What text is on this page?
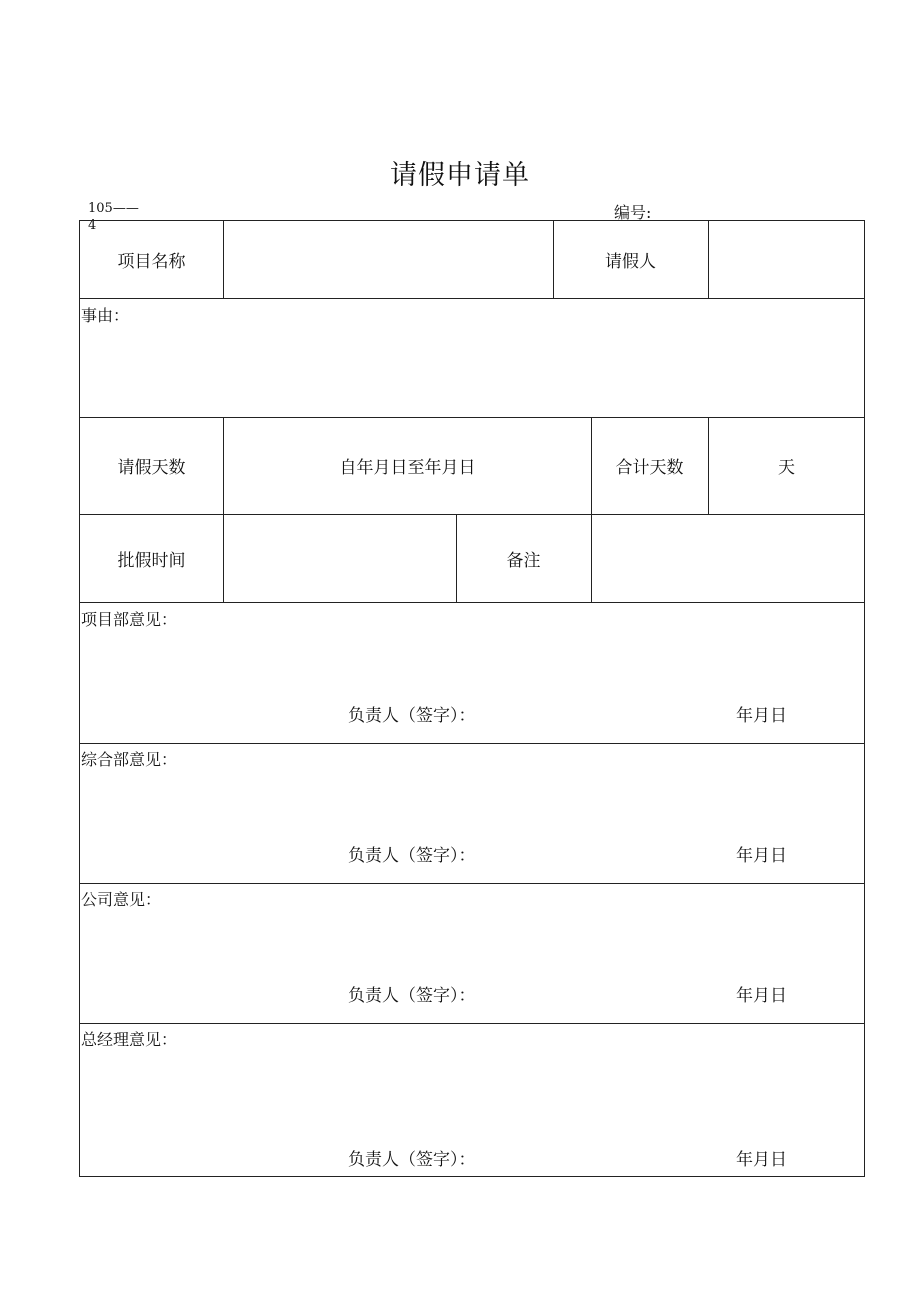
请假申请单
105——
4
编号:
项目名称	请假人
事由：
请假天数	自年月日至年月日	合计天数	天
批假时间	备注
项目部意见：
负责人（签字）：	年月日
综合部意见：
负责人（签字）：	年月日
公司意见：
负责人（签字）：	年月日
总经理意见：
负责人（签字）：	年月日
